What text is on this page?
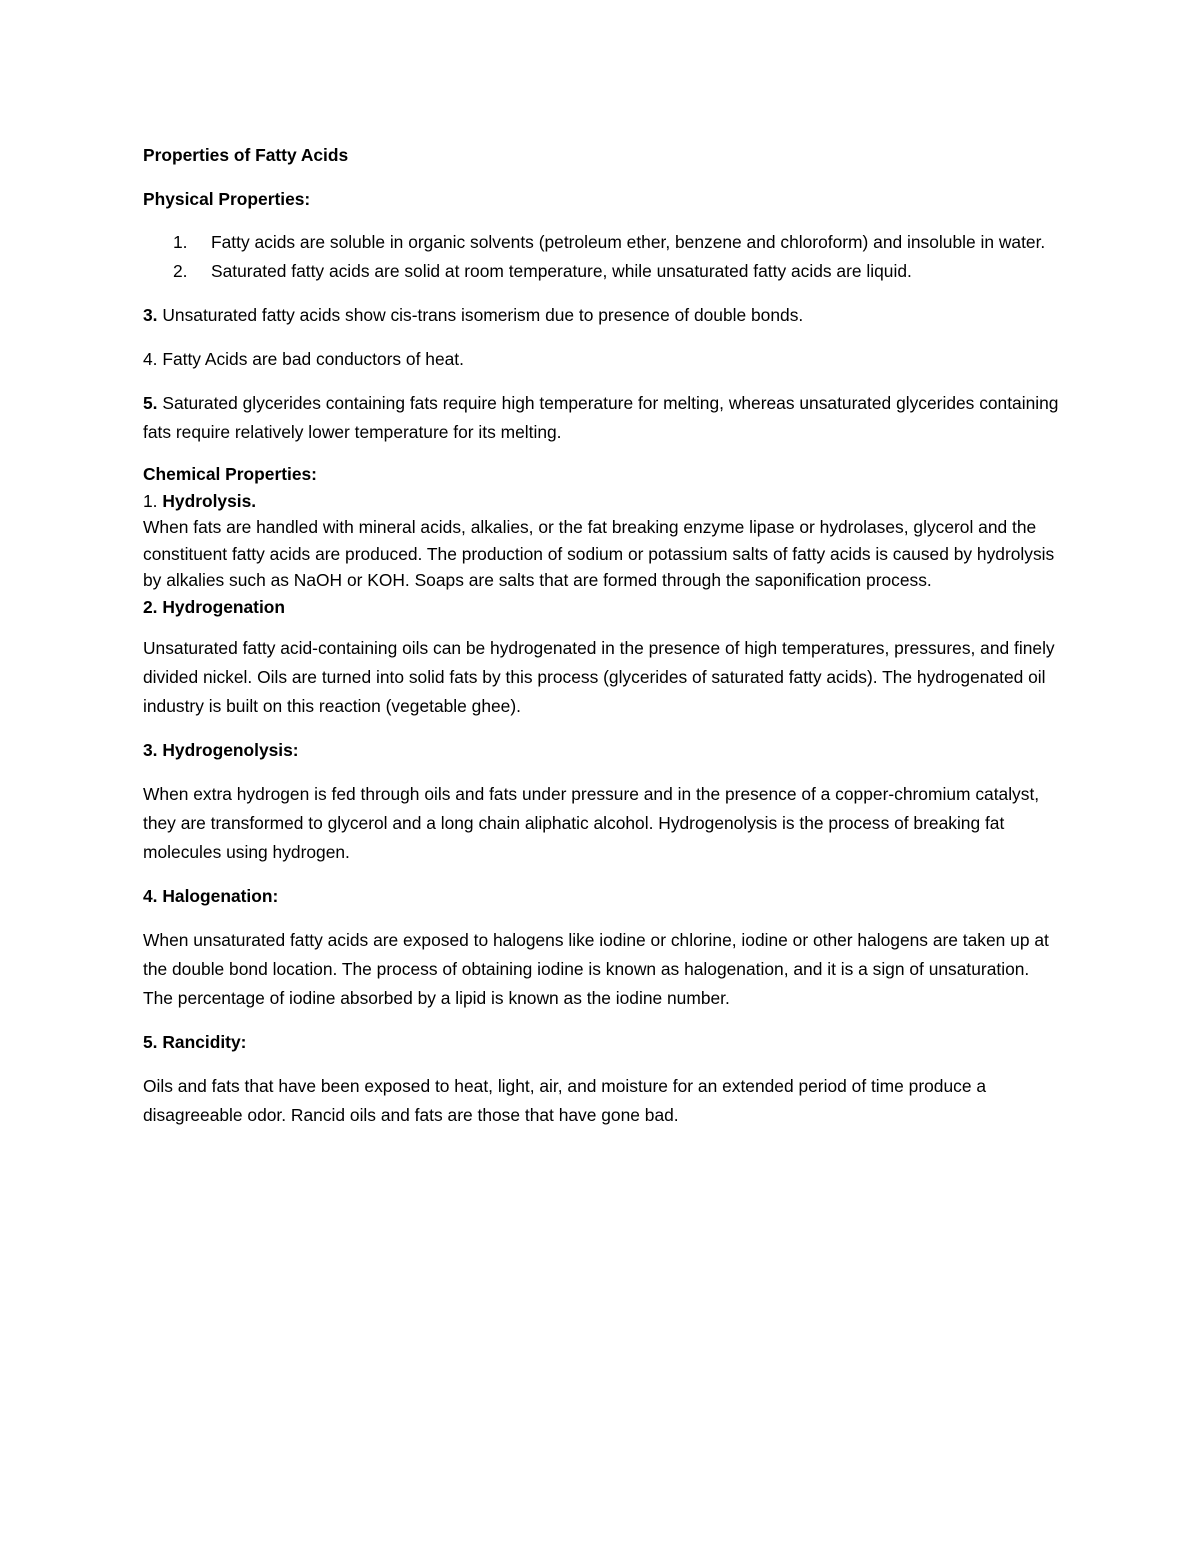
Properties of Fatty Acids

Physical Properties:

1. Fatty acids are soluble in organic solvents (petroleum ether, benzene and chloroform) and insoluble in water.
2. Saturated fatty acids are solid at room temperature, while unsaturated fatty acids are liquid.

3. Unsaturated fatty acids show cis-trans isomerism due to presence of double bonds.

4. Fatty Acids are bad conductors of heat.

5. Saturated glycerides containing fats require high temperature for melting, whereas unsaturated glycerides containing fats require relatively lower temperature for its melting.

Chemical Properties:

1. Hydrolysis.

When fats are handled with mineral acids, alkalies, or the fat breaking enzyme lipase or hydrolases, glycerol and the constituent fatty acids are produced. The production of sodium or potassium salts of fatty acids is caused by hydrolysis by alkalies such as NaOH or KOH. Soaps are salts that are formed through the saponification process.

2. Hydrogenation

Unsaturated fatty acid-containing oils can be hydrogenated in the presence of high temperatures, pressures, and finely divided nickel. Oils are turned into solid fats by this process (glycerides of saturated fatty acids). The hydrogenated oil industry is built on this reaction (vegetable ghee).

3. Hydrogenolysis:

When extra hydrogen is fed through oils and fats under pressure and in the presence of a copper-chromium catalyst, they are transformed to glycerol and a long chain aliphatic alcohol. Hydrogenolysis is the process of breaking fat molecules using hydrogen.

4. Halogenation:

When unsaturated fatty acids are exposed to halogens like iodine or chlorine, iodine or other halogens are taken up at the double bond location. The process of obtaining iodine is known as halogenation, and it is a sign of unsaturation. The percentage of iodine absorbed by a lipid is known as the iodine number.

5. Rancidity:

Oils and fats that have been exposed to heat, light, air, and moisture for an extended period of time produce a disagreeable odor. Rancid oils and fats are those that have gone bad.
